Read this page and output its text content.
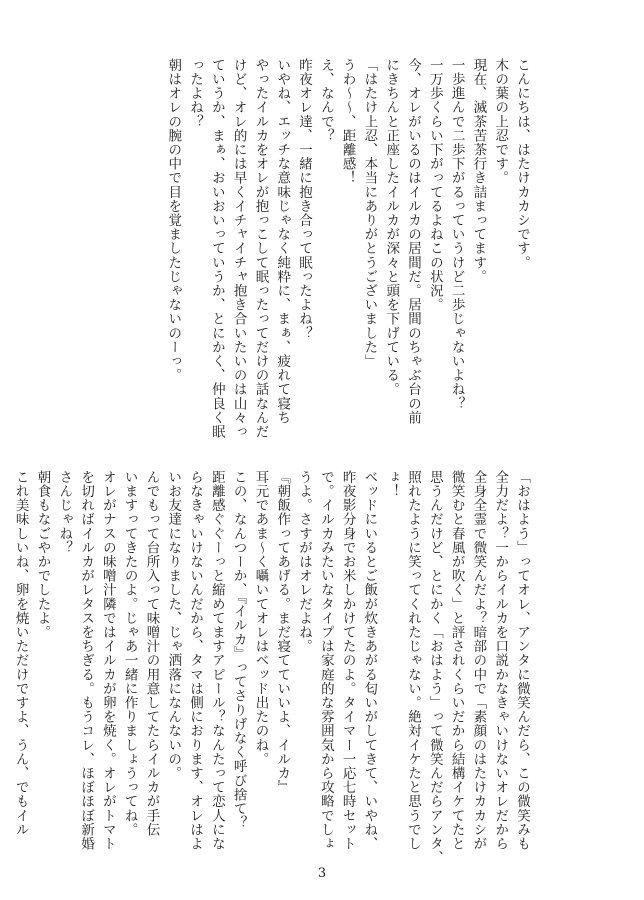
こんにちは、はたけカカシです。
木の葉の上忍です。
現在、滅茶苦茶行き詰まってます。
一歩進んで二歩下がるっていうけど二歩じゃないよね？
一万歩くらい下がってるよねこの状況。
今、オレがいるのはイルカの居間だ。居間のちゃぶ台の前
にきちんと正座したイルカが深々と頭を下げている。
「はたけ上忍、本当にありがとうございました」
うわ〜〜、距離感！
え、なんで？
昨夜オレ達、一緒に抱き合って眠ったよね？
いやね、エッチな意味じゃなく純粋に、まぁ、疲れて寝ち
やったイルカをオレが抱っこして眠ったってだけの話なんだ
けど、オレ的には早くイチャイチャ抱き合いたいのは山々っ
ていうか、まぁ、おいおいっていうか、とにかく、仲良く眠
ったよね？
朝はオレの腕の中で目を覚ましたじゃないのーっ。
「おはよう」ってオレ、アンタに微笑んだら、この微笑みも
全力だよ？一からイルカを口説かなきゃいけないオレだから
全身全霊で微笑んだよ？暗部の中で「素顔のはたけカカシが
微笑むと春風が吹く」と評されくらいだから結構イケてたと
思うんだけど、とにかく「おはよう」って微笑んだらアンタ、
照れたように笑ってくれたじゃない。絶対イケたと思うでし
ょ！
ベッドにいるとご飯が炊きあがる匂いがしてきて、いやね、
昨夜影分身でお米しかけてたのよ。タイマー一応七時セット
で。イルカみたいなタイプは家庭的な雰囲気から攻略でしょ
うよ。さすがはオレだよね。
『朝飯作ってあげる。まだ寝てていいよ、イルカ』
耳元であま〜く囁いてオレはベッド出たのね。
この、なんつーか、『イルカ』ってさりげなく呼び捨て？
距離感ぐぐーっと縮めてますアピール？なんたって恋人にな
らなきゃいけないんだから、タマは側におります、オレはよ
いお友達になりました、じゃ洒落になんないの。
んでもって台所入って味噌汁の用意してたらイルカが手伝
いますってきたのよ。じゃあ一緒に作りましょうってね。
オレがナスの味噌汁隣ではイルカが卵を焼く。オレがトマト
を切ればイルカがレタスをちぎる。もうコレ、ほぼほぼ新婚
さんじゃね？
朝食もなごやかでしたよ。
これ美味しいね、卵を焼いただけですよ、うん、でもイル
3
